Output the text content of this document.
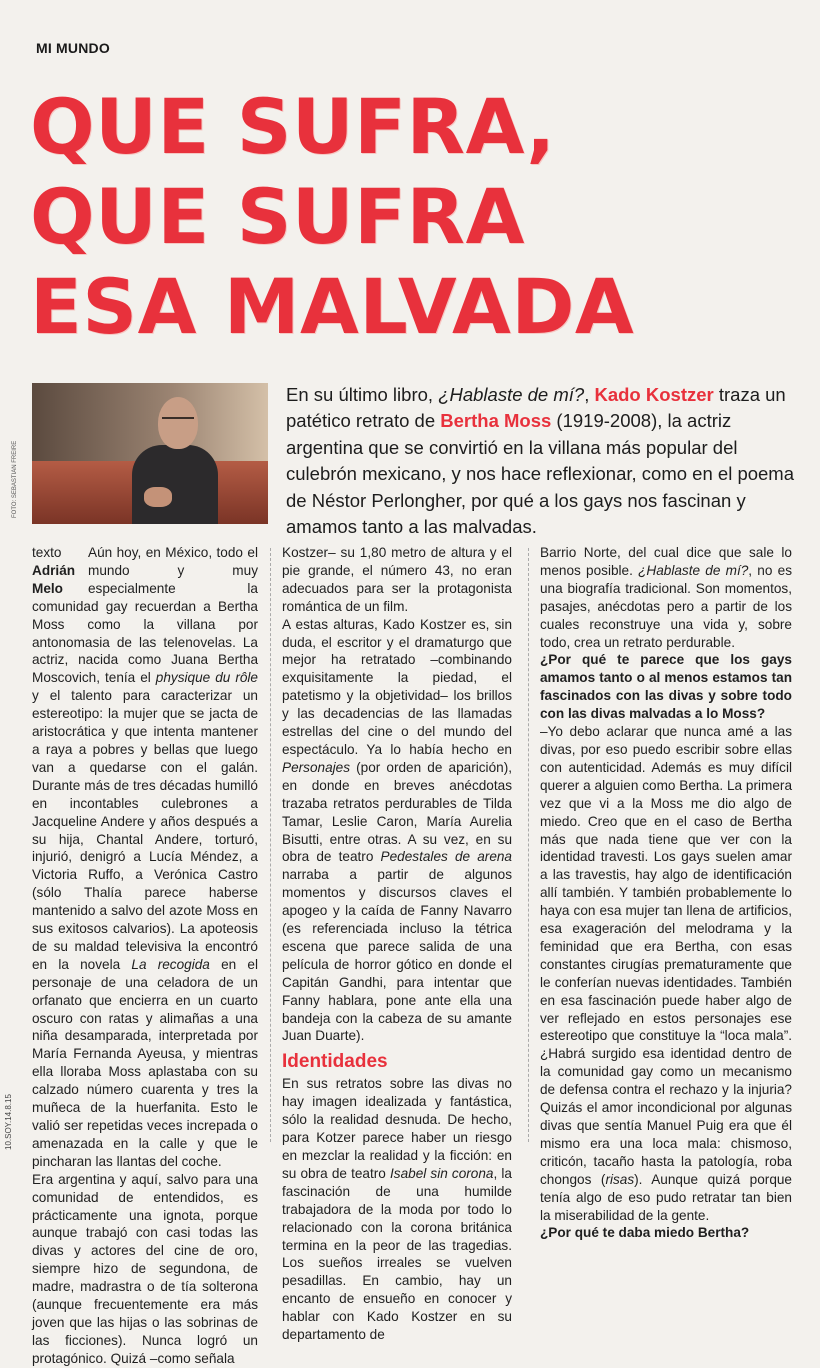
MI MUNDO
QUE SUFRA,
QUE SUFRA
ESA MALVADA
FOTO: SEBASTIÁN FREIRE

En su último libro, ¿Hablaste de mí?, Kado Kostzer traza un patético retrato de Bertha Moss (1919-2008), la actriz argentina que se convirtió en la villana más popular del culebrón mexicano, y nos hace reflexionar, como en el poema de Néstor Perlongher, por qué a los gays nos fascinan y amamos tanto a las malvadas.

texto
Adrián Melo

Aún hoy, en México, todo el mundo y muy especialmente la comunidad gay recuerdan a Bertha Moss como la villana por antonomasia de las telenovelas. La actriz, nacida como Juana Bertha Moscovich, tenía el physique du rôle y el talento para caracterizar un estereotipo: la mujer que se jacta de aristocrática y que intenta mantener a raya a pobres y bellas que luego van a quedarse con el galán. Durante más de tres décadas humilló en incontables culebrones a Jacqueline Andere y años después a su hija, Chantal Andere, torturó, injurió, denigró a Lucía Méndez, a Victoria Ruffo, a Verónica Castro (sólo Thalía parece haberse mantenido a salvo del azote Moss en sus exitosos calvarios). La apoteosis de su maldad televisiva la encontró en la novela La recogida en el personaje de una celadora de un orfanato que encierra en un cuarto oscuro con ratas y alimañas a una niña desamparada, interpretada por María Fernanda Ayeusa, y mientras ella lloraba Moss aplastaba con su calzado número cuarenta y tres la muñeca de la huerfanita. Esto le valió ser repetidas veces increpada o amenazada en la calle y que le pincharan las llantas del coche.

Era argentina y aquí, salvo para una comunidad de entendidos, es prácticamente una ignota, porque aunque trabajó con casi todas las divas y actores del cine de oro, siempre hizo de segundona, de madre, madrastra o de tía solterona (aunque frecuentemente era más joven que las hijas o las sobrinas de las ficciones). Nunca logró un protagónico. Quizá –como señala

Kostzer– su 1,80 metro de altura y el pie grande, el número 43, no eran adecuados para ser la protagonista romántica de un film.

A estas alturas, Kado Kostzer es, sin duda, el escritor y el dramaturgo que mejor ha retratado –combinando exquisitamente la piedad, el patetismo y la objetividad– los brillos y las decadencias de las llamadas estrellas del cine o del mundo del espectáculo. Ya lo había hecho en Personajes (por orden de aparición), en donde en breves anécdotas trazaba retratos perdurables de Tilda Tamar, Leslie Caron, María Aurelia Bisutti, entre otras. A su vez, en su obra de teatro Pedestales de arena narraba a partir de algunos momentos y discursos claves el apogeo y la caída de Fanny Navarro (es referenciada incluso la tétrica escena que parece salida de una película de horror gótico en donde el Capitán Gandhi, para intentar que Fanny hablara, pone ante ella una bandeja con la cabeza de su amante Juan Duarte).

Identidades

En sus retratos sobre las divas no hay imagen idealizada y fantástica, sólo la realidad desnuda. De hecho, para Kotzer parece haber un riesgo en mezclar la realidad y la ficción: en su obra de teatro Isabel sin corona, la fascinación de una humilde trabajadora de la moda por todo lo relacionado con la corona británica termina en la peor de las tragedias. Los sueños irreales se vuelven pesadillas. En cambio, hay un encanto de ensueño en conocer y hablar con Kado Kostzer en su departamento de

Barrio Norte, del cual dice que sale lo menos posible. ¿Hablaste de mí?, no es una biografía tradicional. Son momentos, pasajes, anécdotas pero a partir de los cuales reconstruye una vida y, sobre todo, crea un retrato perdurable.

¿Por qué te parece que los gays amamos tanto o al menos estamos tan fascinados con las divas y sobre todo con las divas malvadas a lo Moss?

–Yo debo aclarar que nunca amé a las divas, por eso puedo escribir sobre ellas con autenticidad. Además es muy difícil querer a alguien como Bertha. La primera vez que vi a la Moss me dio algo de miedo. Creo que en el caso de Bertha más que nada tiene que ver con la identidad travesti. Los gays suelen amar a las travestis, hay algo de identificación allí también. Y también probablemente lo haya con esa mujer tan llena de artificios, esa exageración del melodrama y la feminidad que era Bertha, con esas constantes cirugías prematuramente que le conferían nuevas identidades. También en esa fascinación puede haber algo de ver reflejado en estos personajes ese estereotipo que constituye la “loca mala”. ¿Habrá surgido esa identidad dentro de la comunidad gay como un mecanismo de defensa contra el rechazo y la injuria? Quizás el amor incondicional por algunas divas que sentía Manuel Puig era que él mismo era una loca mala: chismoso, criticón, tacaño hasta la patología, roba chongos (risas). Aunque quizá porque tenía algo de eso pudo retratar tan bien la miserabilidad de la gente.

¿Por qué te daba miedo Bertha?

10.SOY.14.8.15
